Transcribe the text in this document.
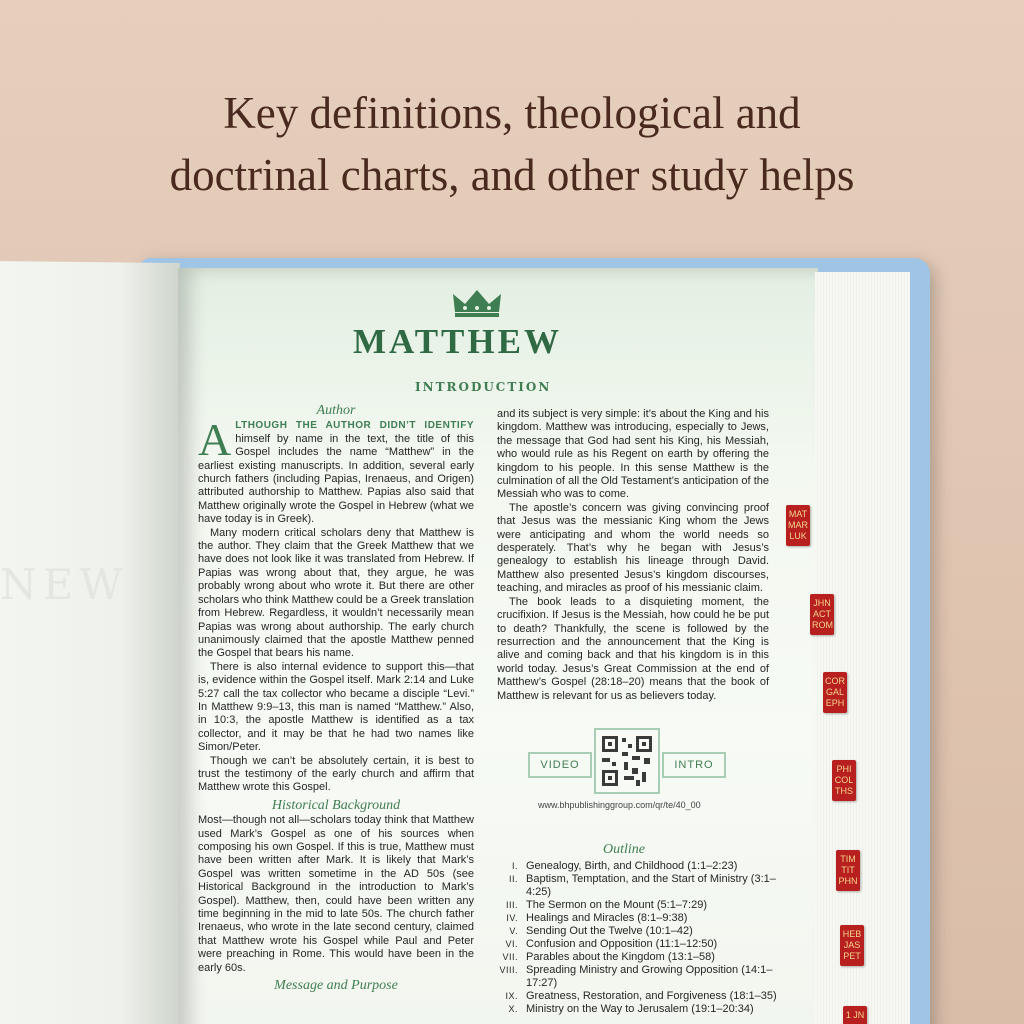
Key definitions, theological and
doctrinal charts, and other study helps
NEW
MATTHEW
INTRODUCTION
Author

ALTHOUGH THE AUTHOR DIDN’T IDENTIFY himself by name in the text, the title of this Gospel includes the name “Matthew” in the earliest existing manuscripts. In addition, several early church fathers (including Papias, Irenaeus, and Origen) attributed authorship to Matthew. Papias also said that Matthew originally wrote the Gospel in Hebrew (what we have today is in Greek).

Many modern critical scholars deny that Matthew is the author. They claim that the Greek Matthew that we have does not look like it was translated from Hebrew. If Papias was wrong about that, they argue, he was probably wrong about who wrote it. But there are other scholars who think Matthew could be a Greek translation from Hebrew. Regardless, it wouldn’t necessarily mean Papias was wrong about authorship. The early church unanimously claimed that the apostle Matthew penned the Gospel that bears his name.

There is also internal evidence to support this—that is, evidence within the Gospel itself. Mark 2:14 and Luke 5:27 call the tax collector who became a disciple “Levi.” In Matthew 9:9–13, this man is named “Matthew.” Also, in 10:3, the apostle Matthew is identified as a tax collector, and it may be that he had two names like Simon/Peter.

Though we can’t be absolutely certain, it is best to trust the testimony of the early church and affirm that Matthew wrote this Gospel.

Historical Background

Most—though not all—scholars today think that Matthew used Mark’s Gospel as one of his sources when composing his own Gospel. If this is true, Matthew must have been written after Mark. It is likely that Mark’s Gospel was written sometime in the AD 50s (see Historical Background in the introduction to Mark’s Gospel). Matthew, then, could have been written any time beginning in the mid to late 50s. The church father Irenaeus, who wrote in the late second century, claimed that Matthew wrote his Gospel while Paul and Peter were preaching in Rome. This would have been in the early 60s.

Message and Purpose

and its subject is very simple: it’s about the King and his kingdom. Matthew was introducing, especially to Jews, the message that God had sent his King, his Messiah, who would rule as his Regent on earth by offering the kingdom to his people. In this sense Matthew is the culmination of all the Old Testament’s anticipation of the Messiah who was to come.

The apostle’s concern was giving convincing proof that Jesus was the messianic King whom the Jews were anticipating and whom the world needs so desperately. That’s why he began with Jesus’s genealogy to establish his lineage through David. Matthew also presented Jesus’s kingdom discourses, teaching, and miracles as proof of his messianic claim.

The book leads to a disquieting moment, the crucifixion. If Jesus is the Messiah, how could he be put to death? Thankfully, the scene is followed by the resurrection and the announcement that the King is alive and coming back and that his kingdom is in this world today. Jesus’s Great Commission at the end of Matthew’s Gospel (28:18–20) means that the book of Matthew is relevant for us as believers today.

VIDEO	INTRO
www.bhpublishinggroup.com/qr/te/40_00
Outline
I. Genealogy, Birth, and Childhood (1:1–2:23)
II. Baptism, Temptation, and the Start of Ministry (3:1–4:25)
III. The Sermon on the Mount (5:1–7:29)
IV. Healings and Miracles (8:1–9:38)
V. Sending Out the Twelve (10:1–42)
VI. Confusion and Opposition (11:1–12:50)
VII. Parables about the Kingdom (13:1–58)
VIII. Spreading Ministry and Growing Opposition (14:1–17:27)
IX. Greatness, Restoration, and Forgiveness (18:1–35)
X. Ministry on the Way to Jerusalem (19:1–20:34)
MAT
MAR
LUK
JHN
ACT
ROM
COR
GAL
EPH
PHI
COL
THS
TIM
TIT
PHN
HEB
JAS
PET
1 JN
